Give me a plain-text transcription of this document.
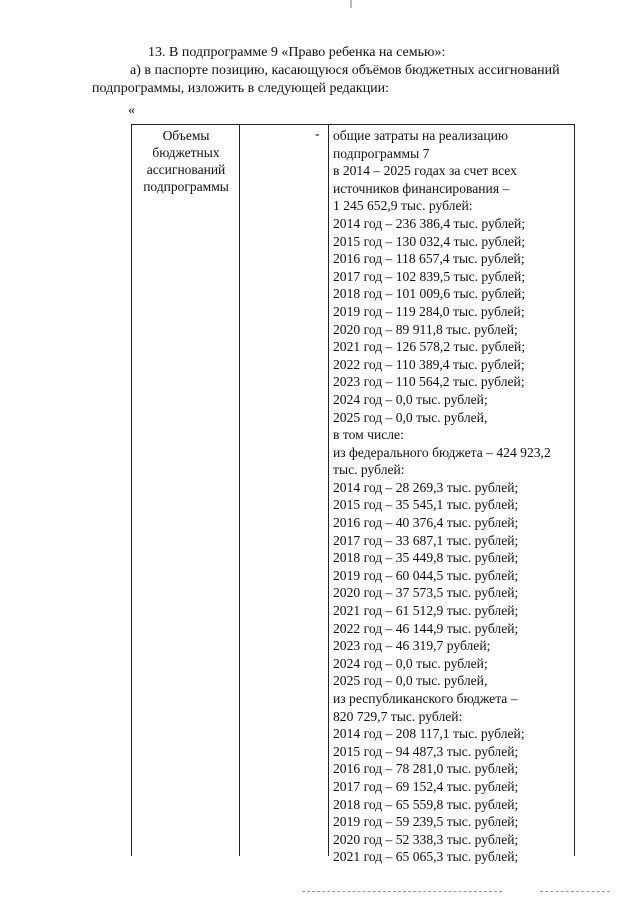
13. В подпрограмме 9 «Право ребенка на семью»:
а) в паспорте позицию, касающуюся объёмов бюджетных ассигнований
подпрограммы, изложить в следующей редакции:
«
Объемы
бюджетных
ассигнований
подпрограммы
- общие затраты на реализацию
подпрограммы 7
в 2014 – 2025 годах за счет всех
источников финансирования –
1 245 652,9 тыс. рублей:
2014 год – 236 386,4 тыс. рублей;
2015 год – 130 032,4 тыс. рублей;
2016 год – 118 657,4 тыс. рублей;
2017 год – 102 839,5 тыс. рублей;
2018 год – 101 009,6 тыс. рублей;
2019 год – 119 284,0 тыс. рублей;
2020 год – 89 911,8 тыс. рублей;
2021 год – 126 578,2 тыс. рублей;
2022 год – 110 389,4 тыс. рублей;
2023 год – 110 564,2 тыс. рублей;
2024 год – 0,0 тыс. рублей;
2025 год – 0,0 тыс. рублей,
в том числе:
из федерального бюджета – 424 923,2
тыс. рублей:
2014 год – 28 269,3 тыс. рублей;
2015 год – 35 545,1 тыс. рублей;
2016 год – 40 376,4 тыс. рублей;
2017 год – 33 687,1 тыс. рублей;
2018 год – 35 449,8 тыс. рублей;
2019 год – 60 044,5 тыс. рублей;
2020 год – 37 573,5 тыс. рублей;
2021 год – 61 512,9 тыс. рублей;
2022 год – 46 144,9 тыс. рублей;
2023 год – 46 319,7 рублей;
2024 год – 0,0 тыс. рублей;
2025 год – 0,0 тыс. рублей,
из республиканского бюджета –
820 729,7 тыс. рублей:
2014 год – 208 117,1 тыс. рублей;
2015 год – 94 487,3 тыс. рублей;
2016 год – 78 281,0 тыс. рублей;
2017 год – 69 152,4 тыс. рублей;
2018 год – 65 559,8 тыс. рублей;
2019 год – 59 239,5 тыс. рублей;
2020 год – 52 338,3 тыс. рублей;
2021 год – 65 065,3 тыс. рублей;
